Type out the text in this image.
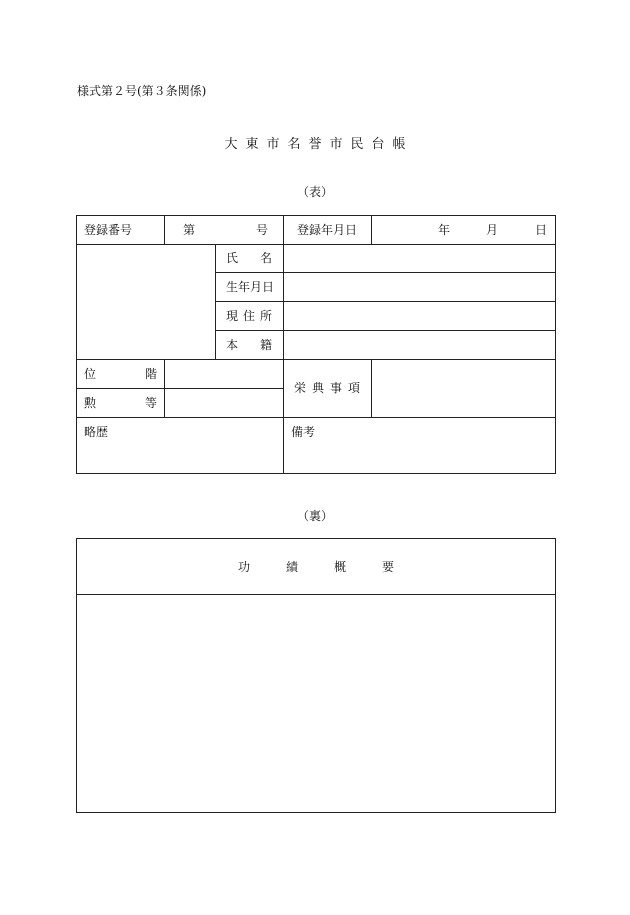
様式第２号(第３条関係)
大東市名誉市民台帳
（表）
登録番号	第	号 登録年月日	年	月	日
氏 名
生年月日
現 住 所
本 籍
位	階
勲	等
栄典事項
略歴	備考
（裏）
功	績	概	要
